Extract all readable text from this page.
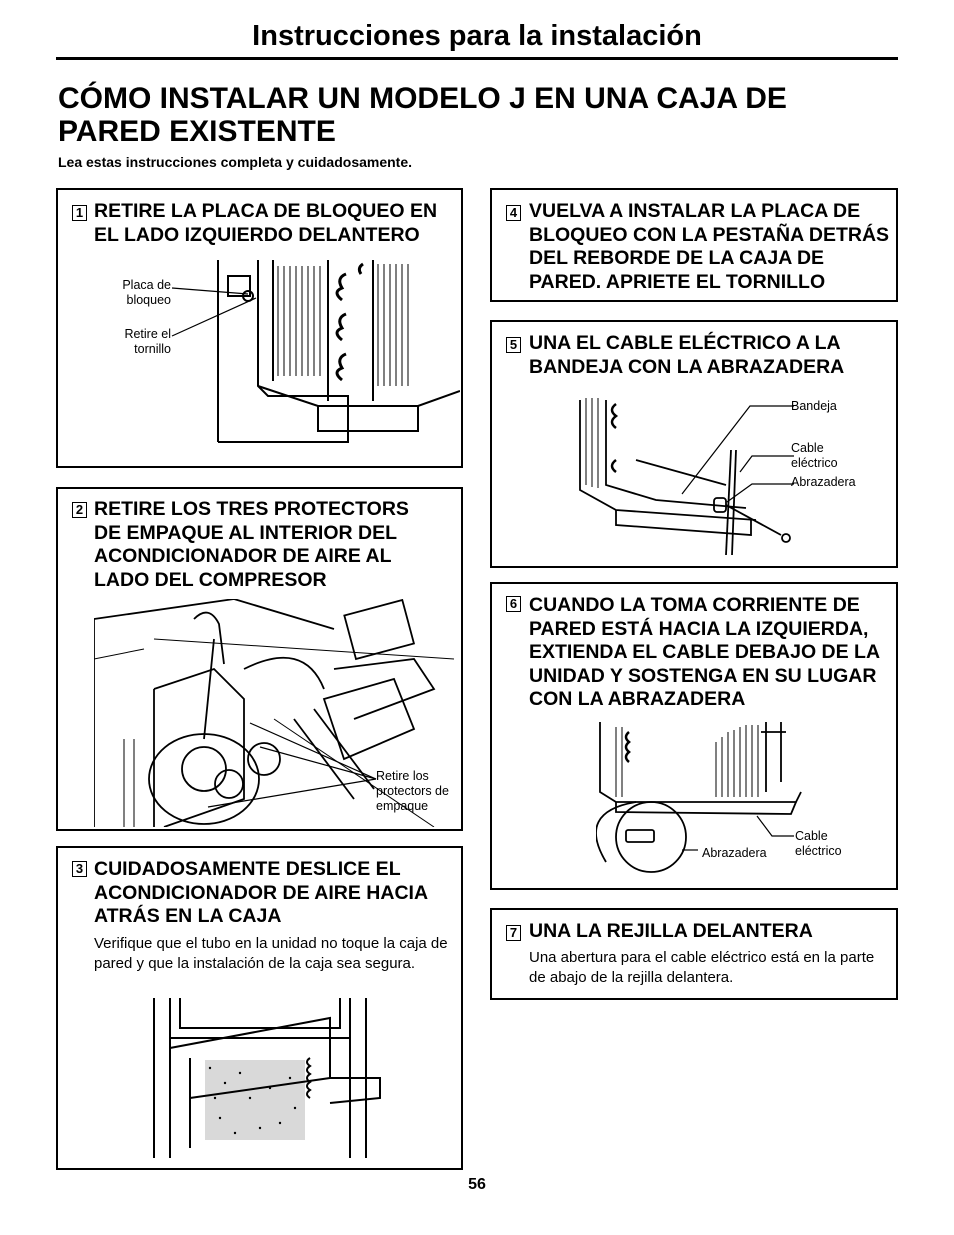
Instrucciones para la instalación
CÓMO INSTALAR UN MODELO J EN UNA CAJA DE PARED EXISTENTE
Lea estas instrucciones completa y cuidadosamente.
1 RETIRE LA PLACA DE BLOQUEO EN EL LADO IZQUIERDO DELANTERO
Placa de bloqueo
Retire el tornillo
2 RETIRE LOS TRES PROTECTORS DE EMPAQUE AL INTERIOR DEL ACONDICIONADOR DE AIRE AL LADO DEL COMPRESOR
Retire los protectors de empaque
3 CUIDADOSAMENTE DESLICE EL ACONDICIONADOR DE AIRE HACIA ATRÁS EN LA CAJA
Verifique que el tubo en la unidad no toque la caja de pared y que la instalación de la caja sea segura.
4 VUELVA A INSTALAR LA PLACA DE BLOQUEO CON LA PESTAÑA DETRÁS DEL REBORDE DE LA CAJA DE PARED. APRIETE EL TORNILLO
5 UNA EL CABLE ELÉCTRICO A LA BANDEJA CON LA ABRAZADERA
Bandeja
Cable eléctrico
Abrazadera
6 CUANDO LA TOMA CORRIENTE DE PARED ESTÁ HACIA LA IZQUIERDA, EXTIENDA EL CABLE DEBAJO DE LA UNIDAD Y SOSTENGA EN SU LUGAR CON LA ABRAZADERA
Abrazadera
Cable eléctrico
7 UNA LA REJILLA DELANTERA
Una abertura para el cable eléctrico está en la parte de abajo de la rejilla delantera.
56
